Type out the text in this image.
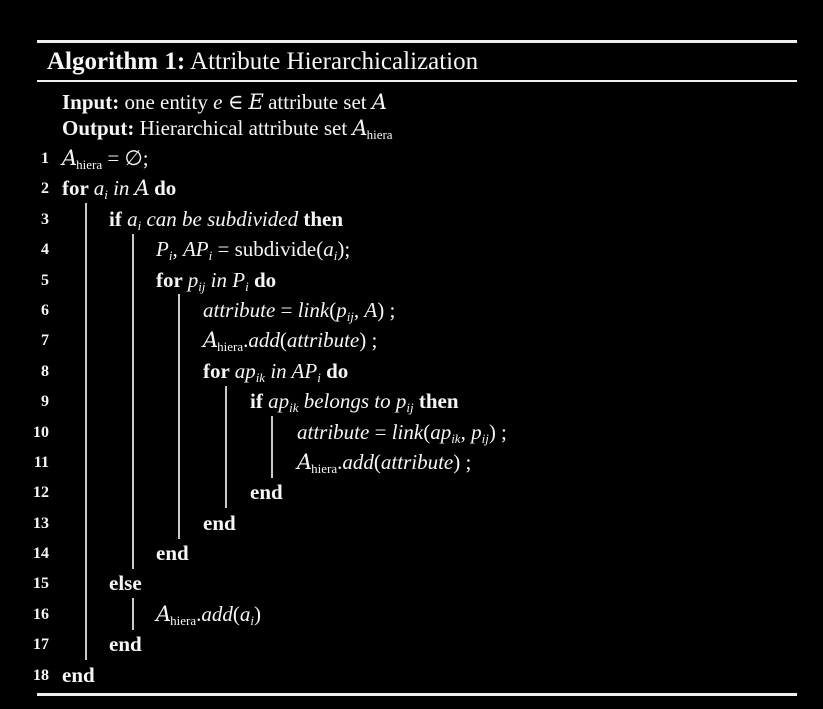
Algorithm 1: Attribute Hierarchicalization
Input: one entity e ∈ E attribute set A
Output: Hierarchical attribute set Ahiera
1 Ahiera = ∅;
2 for ai in A do
3	if ai can be subdivided then
4	Pi, APi = subdivide(ai);
5	for pij in Pi do
6	attribute = link(pij, A) ;
7	Ahiera.add(attribute) ;
8	for apik in APi do
9	if apik belongs to pij then
10	attribute = link(apik, pij) ;
11	Ahiera.add(attribute) ;
12	end
13	end
14	end
15	else
16	Ahiera.add(ai)
17	end
18 end
